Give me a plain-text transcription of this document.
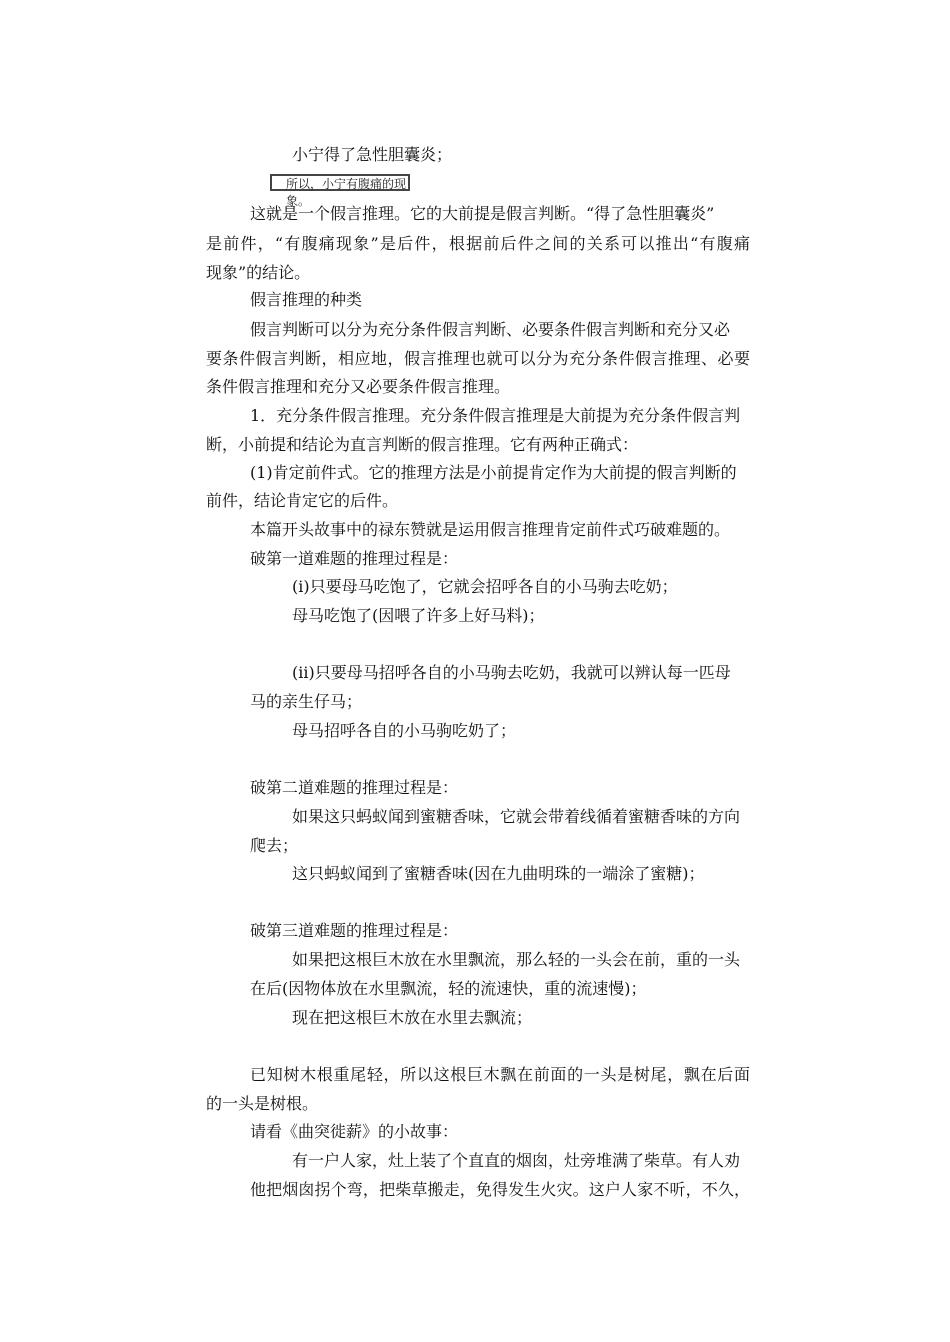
小宁得了急性胆囊炎；
所以，小宁有腹痛的现象。
这就是一个假言推理。它的大前提是假言判断。“得了急性胆囊炎”
是前件，“有腹痛现象”是后件，根据前后件之间的关系可以推出“有腹痛
现象”的结论。
假言推理的种类
假言判断可以分为充分条件假言判断、必要条件假言判断和充分又必
要条件假言判断，相应地，假言推理也就可以分为充分条件假言推理、必要
条件假言推理和充分又必要条件假言推理。
1．充分条件假言推理。充分条件假言推理是大前提为充分条件假言判
断，小前提和结论为直言判断的假言推理。它有两种正确式：
(1)肯定前件式。它的推理方法是小前提肯定作为大前提的假言判断的
前件，结论肯定它的后件。
本篇开头故事中的禄东赞就是运用假言推理肯定前件式巧破难题的。
破第一道难题的推理过程是：
(i)只要母马吃饱了，它就会招呼各自的小马驹去吃奶；
母马吃饱了(因喂了许多上好马料)；
(ii)只要母马招呼各自的小马驹去吃奶，我就可以辨认每一匹母
马的亲生仔马；
母马招呼各自的小马驹吃奶了；
破第二道难题的推理过程是：
如果这只蚂蚁闻到蜜糖香味，它就会带着线循着蜜糖香味的方向
爬去；
这只蚂蚁闻到了蜜糖香味(因在九曲明珠的一端涂了蜜糖)；
破第三道难题的推理过程是：
如果把这根巨木放在水里飘流，那么轻的一头会在前，重的一头
在后(因物体放在水里飘流，轻的流速快，重的流速慢)；
现在把这根巨木放在水里去飘流；
已知树木根重尾轻，所以这根巨木飘在前面的一头是树尾，飘在后面
的一头是树根。
请看《曲突徙薪》的小故事：
有一户人家，灶上装了个直直的烟囱，灶旁堆满了柴草。有人劝
他把烟囱拐个弯，把柴草搬走，免得发生火灾。这户人家不听，不久，
